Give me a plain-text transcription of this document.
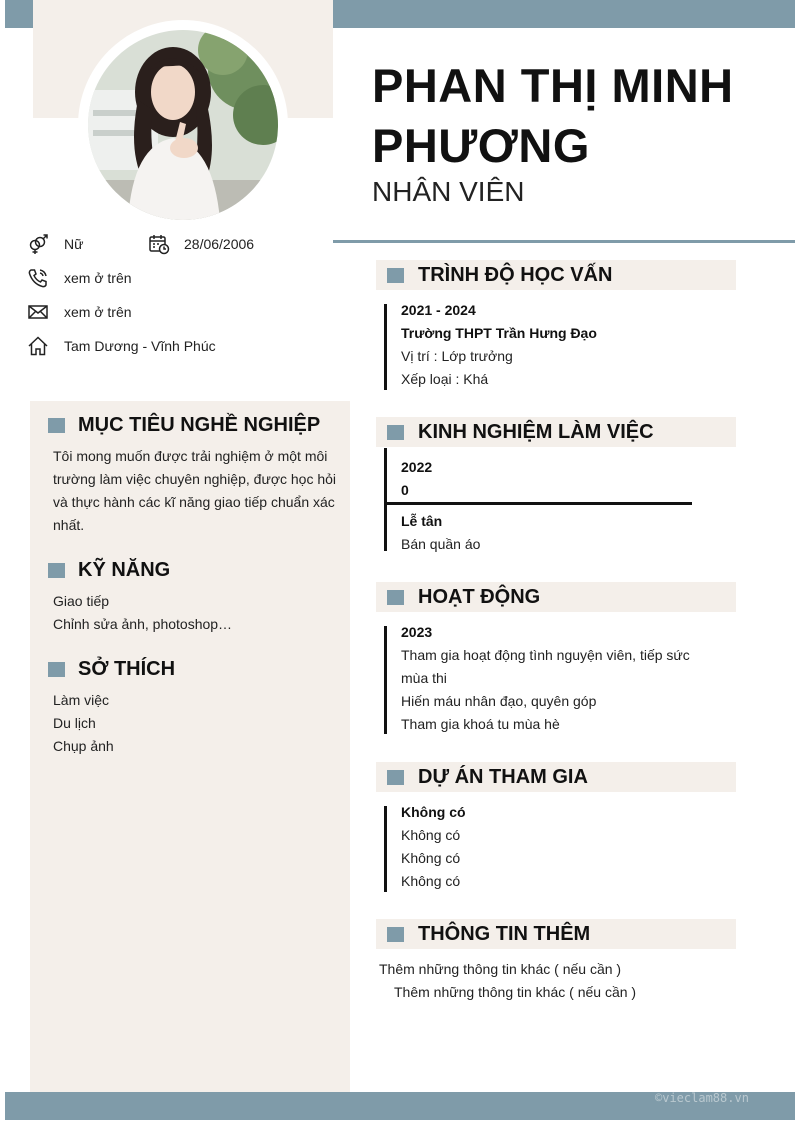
PHAN THỊ MINH
PHƯƠNG
NHÂN VIÊN
Nữ	28/06/2006
xem ở trên
xem ở trên
Tam Dương - Vĩnh Phúc
MỤC TIÊU NGHỀ NGHIỆP
Tôi mong muốn được trải nghiệm ở một môi
trường làm việc chuyên nghiệp, được học hỏi
và thực hành các kĩ năng giao tiếp chuẩn xác
nhất.
KỸ NĂNG
Giao tiếp
Chỉnh sửa ảnh, photoshop…
SỞ THÍCH
Làm việc
Du lịch
Chụp ảnh
TRÌNH ĐỘ HỌC VẤN
2021 - 2024
Trường THPT Trần Hưng Đạo
Vị trí : Lớp trưởng
Xếp loại : Khá
KINH NGHIỆM LÀM VIỆC
2022
0
Lễ tân
Bán quần áo
HOẠT ĐỘNG
2023
Tham gia hoạt động tình nguyện viên, tiếp sức
mùa thi
Hiến máu nhân đạo, quyên góp
Tham gia khoá tu mùa hè
DỰ ÁN THAM GIA
Không có
Không có
Không có
Không có
THÔNG TIN THÊM
Thêm những thông tin khác ( nếu cần )
Thêm những thông tin khác ( nếu cần )
©vieclam88.vn
